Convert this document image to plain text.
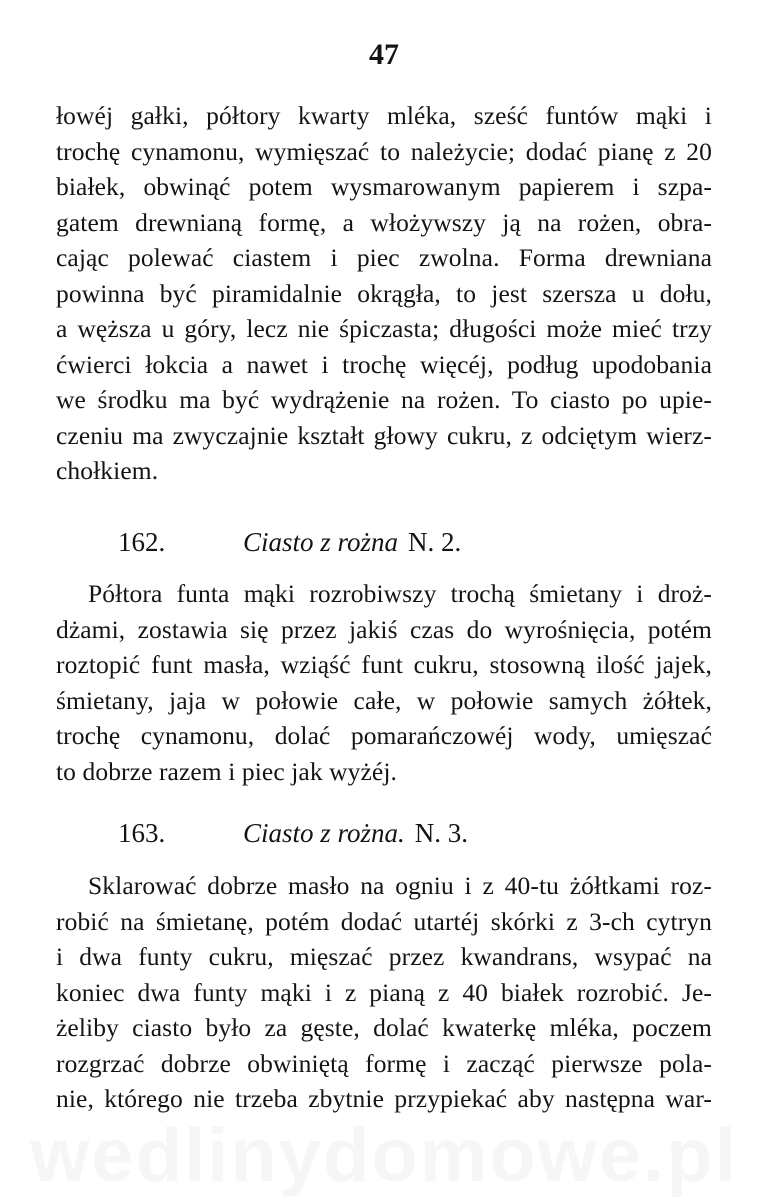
47
łowéj gałki, półtory kwarty mléka, sześć funtów mąki i
trochę cynamonu, wymięszać to należycie; dodać pianę z 20
białek, obwinąć potem wysmarowanym papierem i szpa-
gatem drewnianą formę, a włożywszy ją na rożen, obra-
cając polewać ciastem i piec zwolna. Forma drewniana
powinna być piramidalnie okrągła, to jest szersza u dołu,
a węższa u góry, lecz nie śpiczasta; długości może mieć trzy
ćwierci łokcia a nawet i trochę więcéj, podług upodobania
we środku ma być wydrążenie na rożen. To ciasto po upie-
czeniu ma zwyczajnie kształt głowy cukru, z odciętym wierz-
chołkiem.
162.	Ciasto z rożna N. 2.
Półtora funta mąki rozrobiwszy trochą śmietany i droż-
dżami, zostawia się przez jakiś czas do wyrośnięcia, potém
roztopić funt masła, wziąść funt cukru, stosowną ilość jajek,
śmietany, jaja w połowie całe, w połowie samych żółtek,
trochę cynamonu, dolać pomarańczowéj wody, umięszać
to dobrze razem i piec jak wyżéj.
163.	Ciasto z rożna. N. 3.
Sklarować dobrze masło na ogniu i z 40-tu żółtkami roz-
robić na śmietanę, potém dodać utartéj skórki z 3-ch cytryn
i dwa funty cukru, mięszać przez kwandrans, wsypać na
koniec dwa funty mąki i z pianą z 40 białek rozrobić. Je-
żeliby ciasto było za gęste, dolać kwaterkę mléka, poczem
rozgrzać dobrze obwiniętą formę i zacząć pierwsze pola-
nie, którego nie trzeba zbytnie przypiekać aby następna war-
